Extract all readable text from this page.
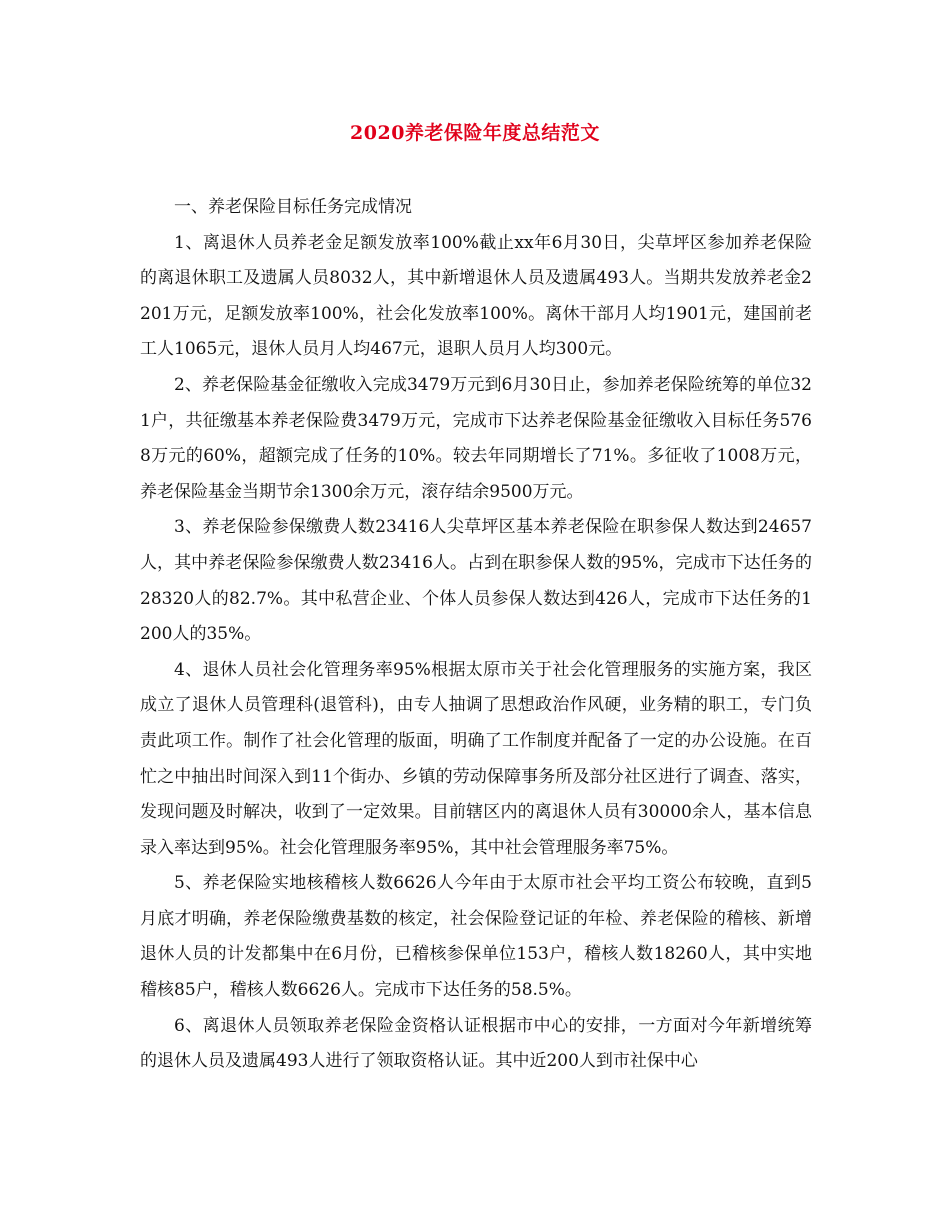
2020养老保险年度总结范文

一、养老保险目标任务完成情况

1、离退休人员养老金足额发放率100%截止xx年6月30日，尖草坪区参加养老保险的离退休职工及遗属人员8032人，其中新增退休人员及遗属493人。当期共发放养老金2201万元，足额发放率100%，社会化发放率100%。离休干部月人均1901元，建国前老工人1065元，退休人员月人均467元，退职人员月人均300元。

2、养老保险基金征缴收入完成3479万元到6月30日止，参加养老保险统筹的单位321户，共征缴基本养老保险费3479万元，完成市下达养老保险基金征缴收入目标任务5768万元的60%，超额完成了任务的10%。较去年同期增长了71%。多征收了1008万元，养老保险基金当期节余1300余万元，滚存结余9500万元。

3、养老保险参保缴费人数23416人尖草坪区基本养老保险在职参保人数达到24657人，其中养老保险参保缴费人数23416人。占到在职参保人数的95%，完成市下达任务的28320人的82.7%。其中私营企业、个体人员参保人数达到426人，完成市下达任务的1200人的35%。

4、退休人员社会化管理务率95%根据太原市关于社会化管理服务的实施方案，我区成立了退休人员管理科(退管科)，由专人抽调了思想政治作风硬，业务精的职工，专门负责此项工作。制作了社会化管理的版面，明确了工作制度并配备了一定的办公设施。在百忙之中抽出时间深入到11个街办、乡镇的劳动保障事务所及部分社区进行了调查、落实，发现问题及时解决，收到了一定效果。目前辖区内的离退休人员有30000余人，基本信息录入率达到95%。社会化管理服务率95%，其中社会管理服务率75%。

5、养老保险实地核稽核人数6626人今年由于太原市社会平均工资公布较晚，直到5月底才明确，养老保险缴费基数的核定，社会保险登记证的年检、养老保险的稽核、新增退休人员的计发都集中在6月份，已稽核参保单位153户，稽核人数18260人，其中实地稽核85户，稽核人数6626人。完成市下达任务的58.5%。

6、离退休人员领取养老保险金资格认证根据市中心的安排，一方面对今年新增统筹的退休人员及遗属493人进行了领取资格认证。其中近200人到市社保中心
